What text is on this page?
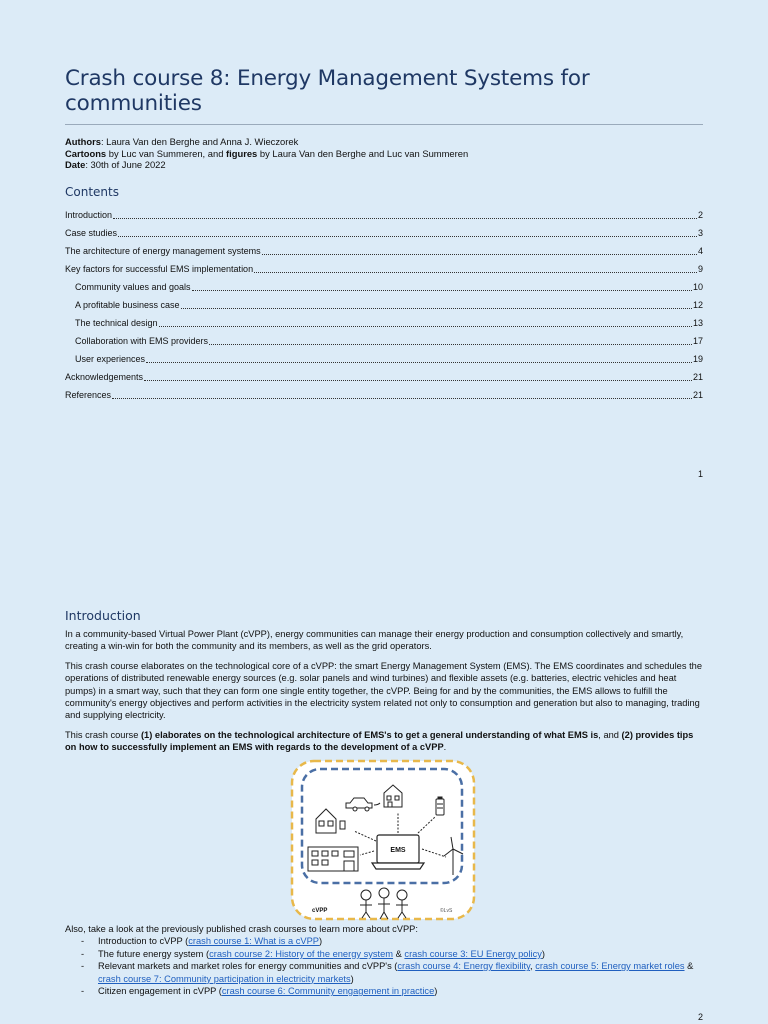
Crash course 8: Energy Management Systems for communities
Authors: Laura Van den Berghe and Anna J. Wieczorek
Cartoons by Luc van Summeren, and figures by Laura Van den Berghe and Luc van Summeren
Date: 30th of June 2022
Contents
Introduction	2
Case studies	3
The architecture of energy management systems	4
Key factors for successful EMS implementation	9
Community values and goals	10
A profitable business case	12
The technical design	13
Collaboration with EMS providers	17
User experiences	19
Acknowledgements	21
References	21
1
Introduction

In a community-based Virtual Power Plant (cVPP), energy communities can manage their energy production and consumption collectively and smartly, creating a win-win for both the community and its members, as well as the grid operators.

This crash course elaborates on the technological core of a cVPP: the smart Energy Management System (EMS). The EMS coordinates and schedules the operations of distributed renewable energy sources (e.g. solar panels and wind turbines) and flexible assets (e.g. batteries, electric vehicles and heat pumps) in a smart way, such that they can form one single entity together, the cVPP. Being for and by the communities, the EMS allows to fulfill the community's energy objectives and perform activities in the electricity system related not only to consumption and generation but also to managing, trading and supplying electricity.

This crash course (1) elaborates on the technological architecture of EMS's to get a general understanding of what EMS is, and (2) provides tips on how to successfully implement an EMS with regards to the development of a cVPP.

EMS
cVPP	©LvS
Also, take a look at the previously published crash courses to learn more about cVPP:
- Introduction to cVPP (crash course 1: What is a cVPP)
- The future energy system (crash course 2: History of the energy system & crash course 3: EU Energy policy)
- Relevant markets and market roles for energy communities and cVPP's (crash course 4: Energy flexibility, crash course 5: Energy market roles & crash course 7: Community participation in electricity markets)
- Citizen engagement in cVPP (crash course 6: Community engagement in practice)
2
